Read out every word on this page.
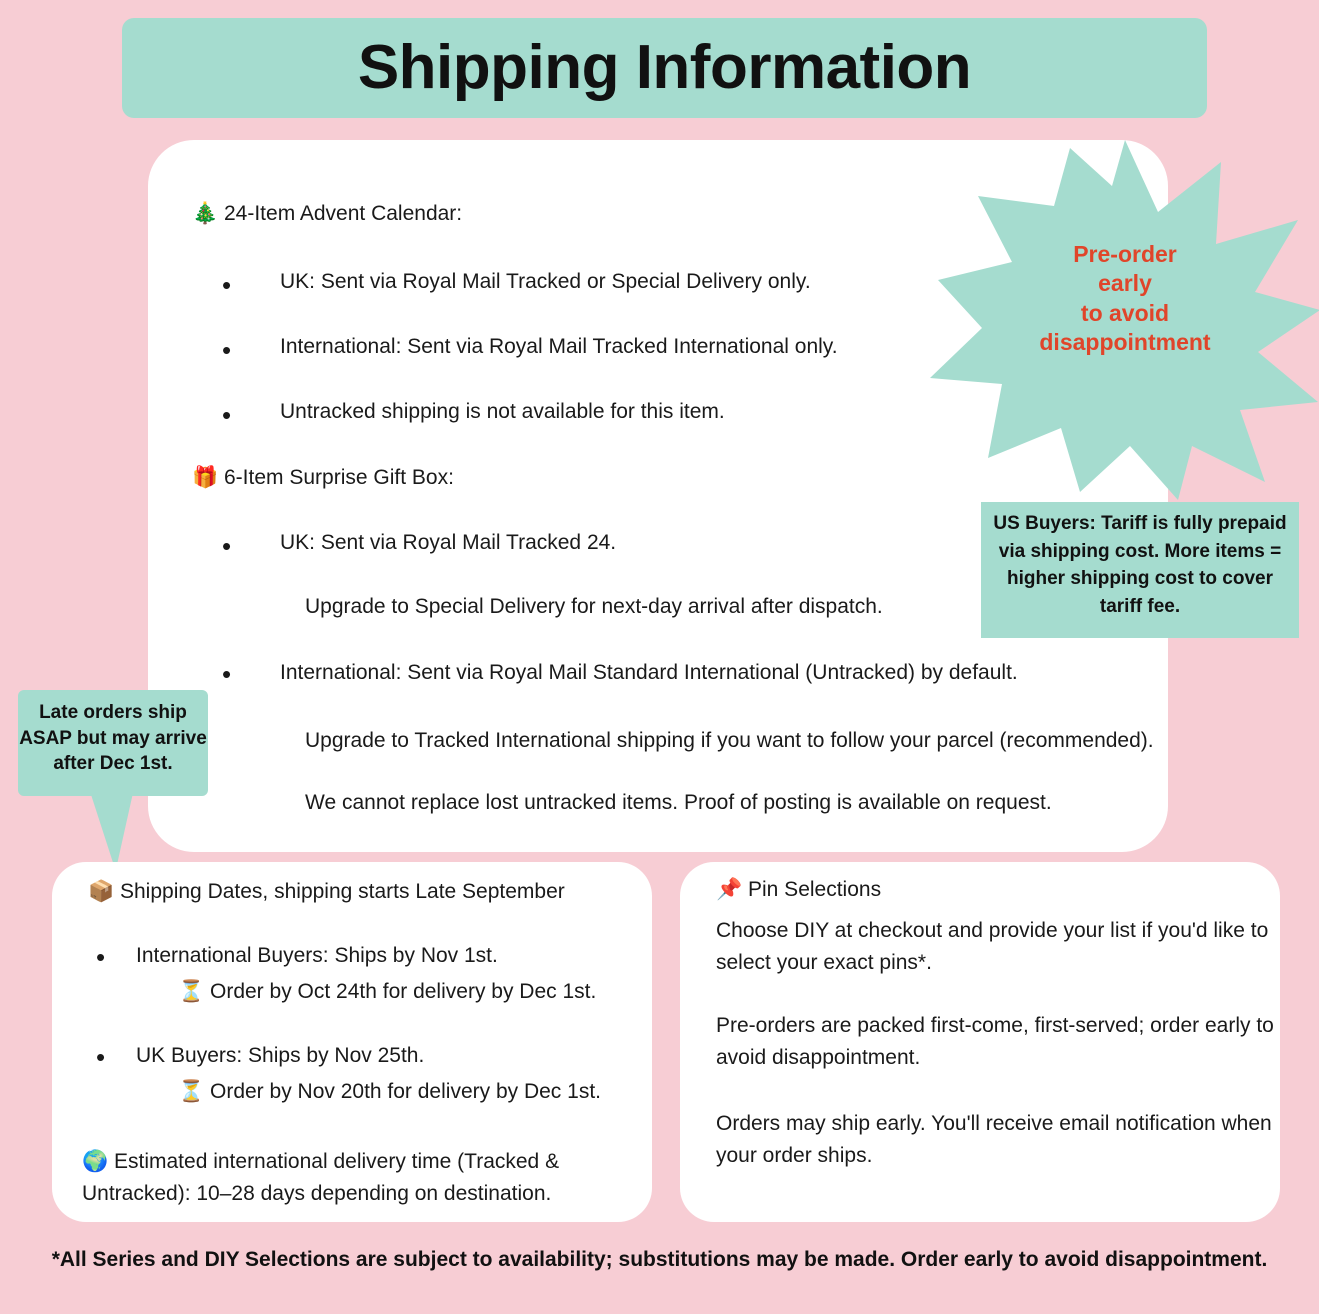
Shipping Information
🎄 24-Item Advent Calendar:
• UK: Sent via Royal Mail Tracked or Special Delivery only.
• International: Sent via Royal Mail Tracked International only.
• Untracked shipping is not available for this item.
🎁 6-Item Surprise Gift Box:
• UK: Sent via Royal Mail Tracked 24.
Upgrade to Special Delivery for next-day arrival after dispatch.
• International: Sent via Royal Mail Standard International (Untracked) by default.
Upgrade to Tracked International shipping if you want to follow your parcel (recommended).
We cannot replace lost untracked items. Proof of posting is available on request.
Pre-order
early
to avoid
disappointment
US Buyers: Tariff is fully prepaid via shipping cost. More items = higher shipping cost to cover tariff fee.
Late orders ship
ASAP but may arrive
after Dec 1st.
📦 Shipping Dates, shipping starts Late September
• International Buyers: Ships by Nov 1st.
⏳ Order by Oct 24th for delivery by Dec 1st.
• UK Buyers: Ships by Nov 25th.
⏳ Order by Nov 20th for delivery by Dec 1st.
🌍 Estimated international delivery time (Tracked & Untracked): 10–28 days depending on destination.
📌 Pin Selections
Choose DIY at checkout and provide your list if you'd like to select your exact pins*.
Pre-orders are packed first-come, first-served; order early to avoid disappointment.
Orders may ship early. You'll receive email notification when your order ships.
*All Series and DIY Selections are subject to availability; substitutions may be made. Order early to avoid disappointment.
